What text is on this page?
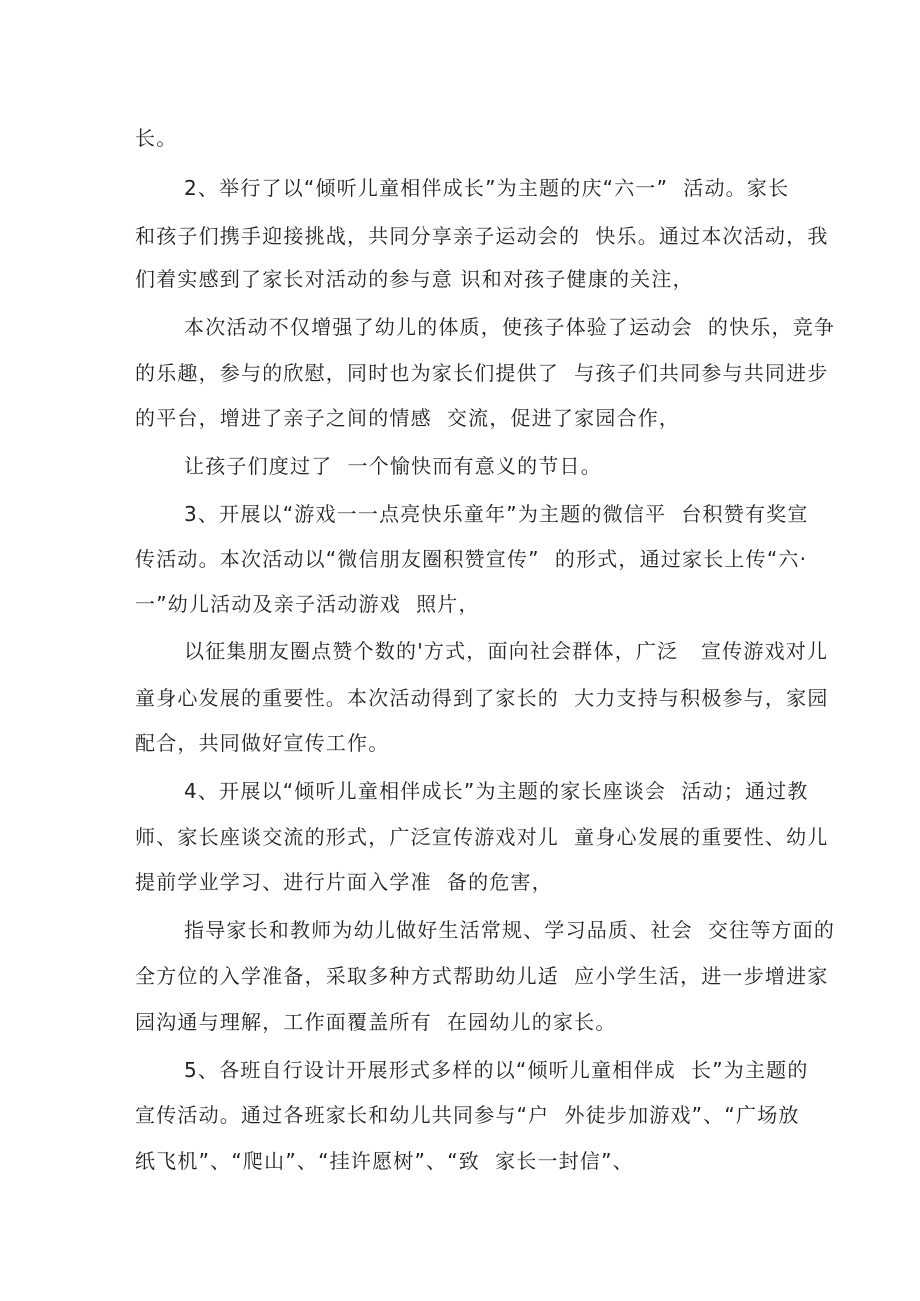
长。
2、举行了以“倾听儿童相伴成长”为主题的庆“六一”  活动。家长
和孩子们携手迎接挑战，共同分享亲子运动会的  快乐。通过本次活动，我
们着实感到了家长对活动的参与意 识和对孩子健康的关注，
本次活动不仅增强了幼儿的体质，使孩子体验了运动会  的快乐，竞争
的乐趣，参与的欣慰，同时也为家长们提供了  与孩子们共同参与共同进步
的平台，增进了亲子之间的情感  交流，促进了家园合作，
让孩子们度过了  一个愉快而有意义的节日。
3、开展以“游戏一一点亮快乐童年”为主题的微信平  台积赞有奖宣
传活动。本次活动以“微信朋友圈积赞宣传”  的形式，通过家长上传“六·
一”幼儿活动及亲子活动游戏  照片，
以征集朋友圈点赞个数的'方式，面向社会群体，广泛   宣传游戏对儿
童身心发展的重要性。本次活动得到了家长的  大力支持与积极参与，家园
配合，共同做好宣传工作。
4、开展以“倾听儿童相伴成长”为主题的家长座谈会  活动；通过教
师、家长座谈交流的形式，广泛宣传游戏对儿  童身心发展的重要性、幼儿
提前学业学习、进行片面入学准  备的危害，
指导家长和教师为幼儿做好生活常规、学习品质、社会  交往等方面的
全方位的入学准备，采取多种方式帮助幼儿适  应小学生活，进一步增进家
园沟通与理解，工作面覆盖所有  在园幼儿的家长。
5、各班自行设计开展形式多样的以“倾听儿童相伴成  长”为主题的
宣传活动。通过各班家长和幼儿共同参与“户  外徒步加游戏”、“广场放
纸飞机”、“爬山”、“挂许愿树”、“致  家长一封信”、
